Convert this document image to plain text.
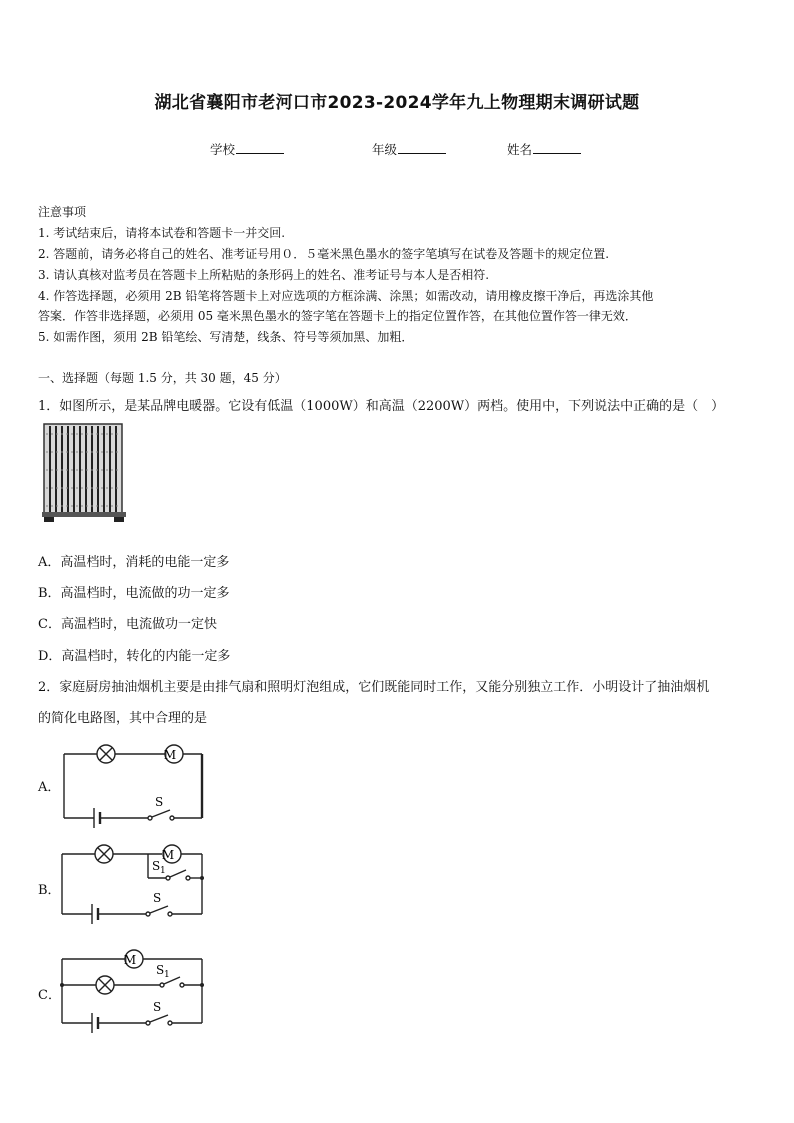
湖北省襄阳市老河口市2023-2024学年九上物理期末调研试题
学校	年级	姓名
注意事项
1. 考试结束后，请将本试卷和答题卡一并交回.
2. 答题前，请务必将自己的姓名、准考证号用０．５毫米黑色墨水的签字笔填写在试卷及答题卡的规定位置.
3. 请认真核对监考员在答题卡上所粘贴的条形码上的姓名、准考证号与本人是否相符.
4. 作答选择题，必须用 2B 铅笔将答题卡上对应选项的方框涂满、涂黑；如需改动，请用橡皮擦干净后，再选涂其他
答案．作答非选择题，必须用 05 毫米黑色墨水的签字笔在答题卡上的指定位置作答，在其他位置作答一律无效．
5. 如需作图，须用 2B 铅笔绘、写清楚，线条、符号等须加黑、加粗．
一、选择题（每题 1.5 分，共 30 题，45 分）
1．如图所示，是某品牌电暖器。它设有低温（1000W）和高温（2200W）两档。使用中，下列说法中正确的是（　）
A．高温档时，消耗的电能一定多
B．高温档时，电流做的功一定多
C．高温档时，电流做功一定快
D．高温档时，转化的内能一定多
2．家庭厨房抽油烟机主要是由排气扇和照明灯泡组成，它们既能同时工作，又能分别独立工作．小明设计了抽油烟机
的简化电路图，其中合理的是
A．
M
S
B．
M
S 1
S
C．
M
S 1
S
